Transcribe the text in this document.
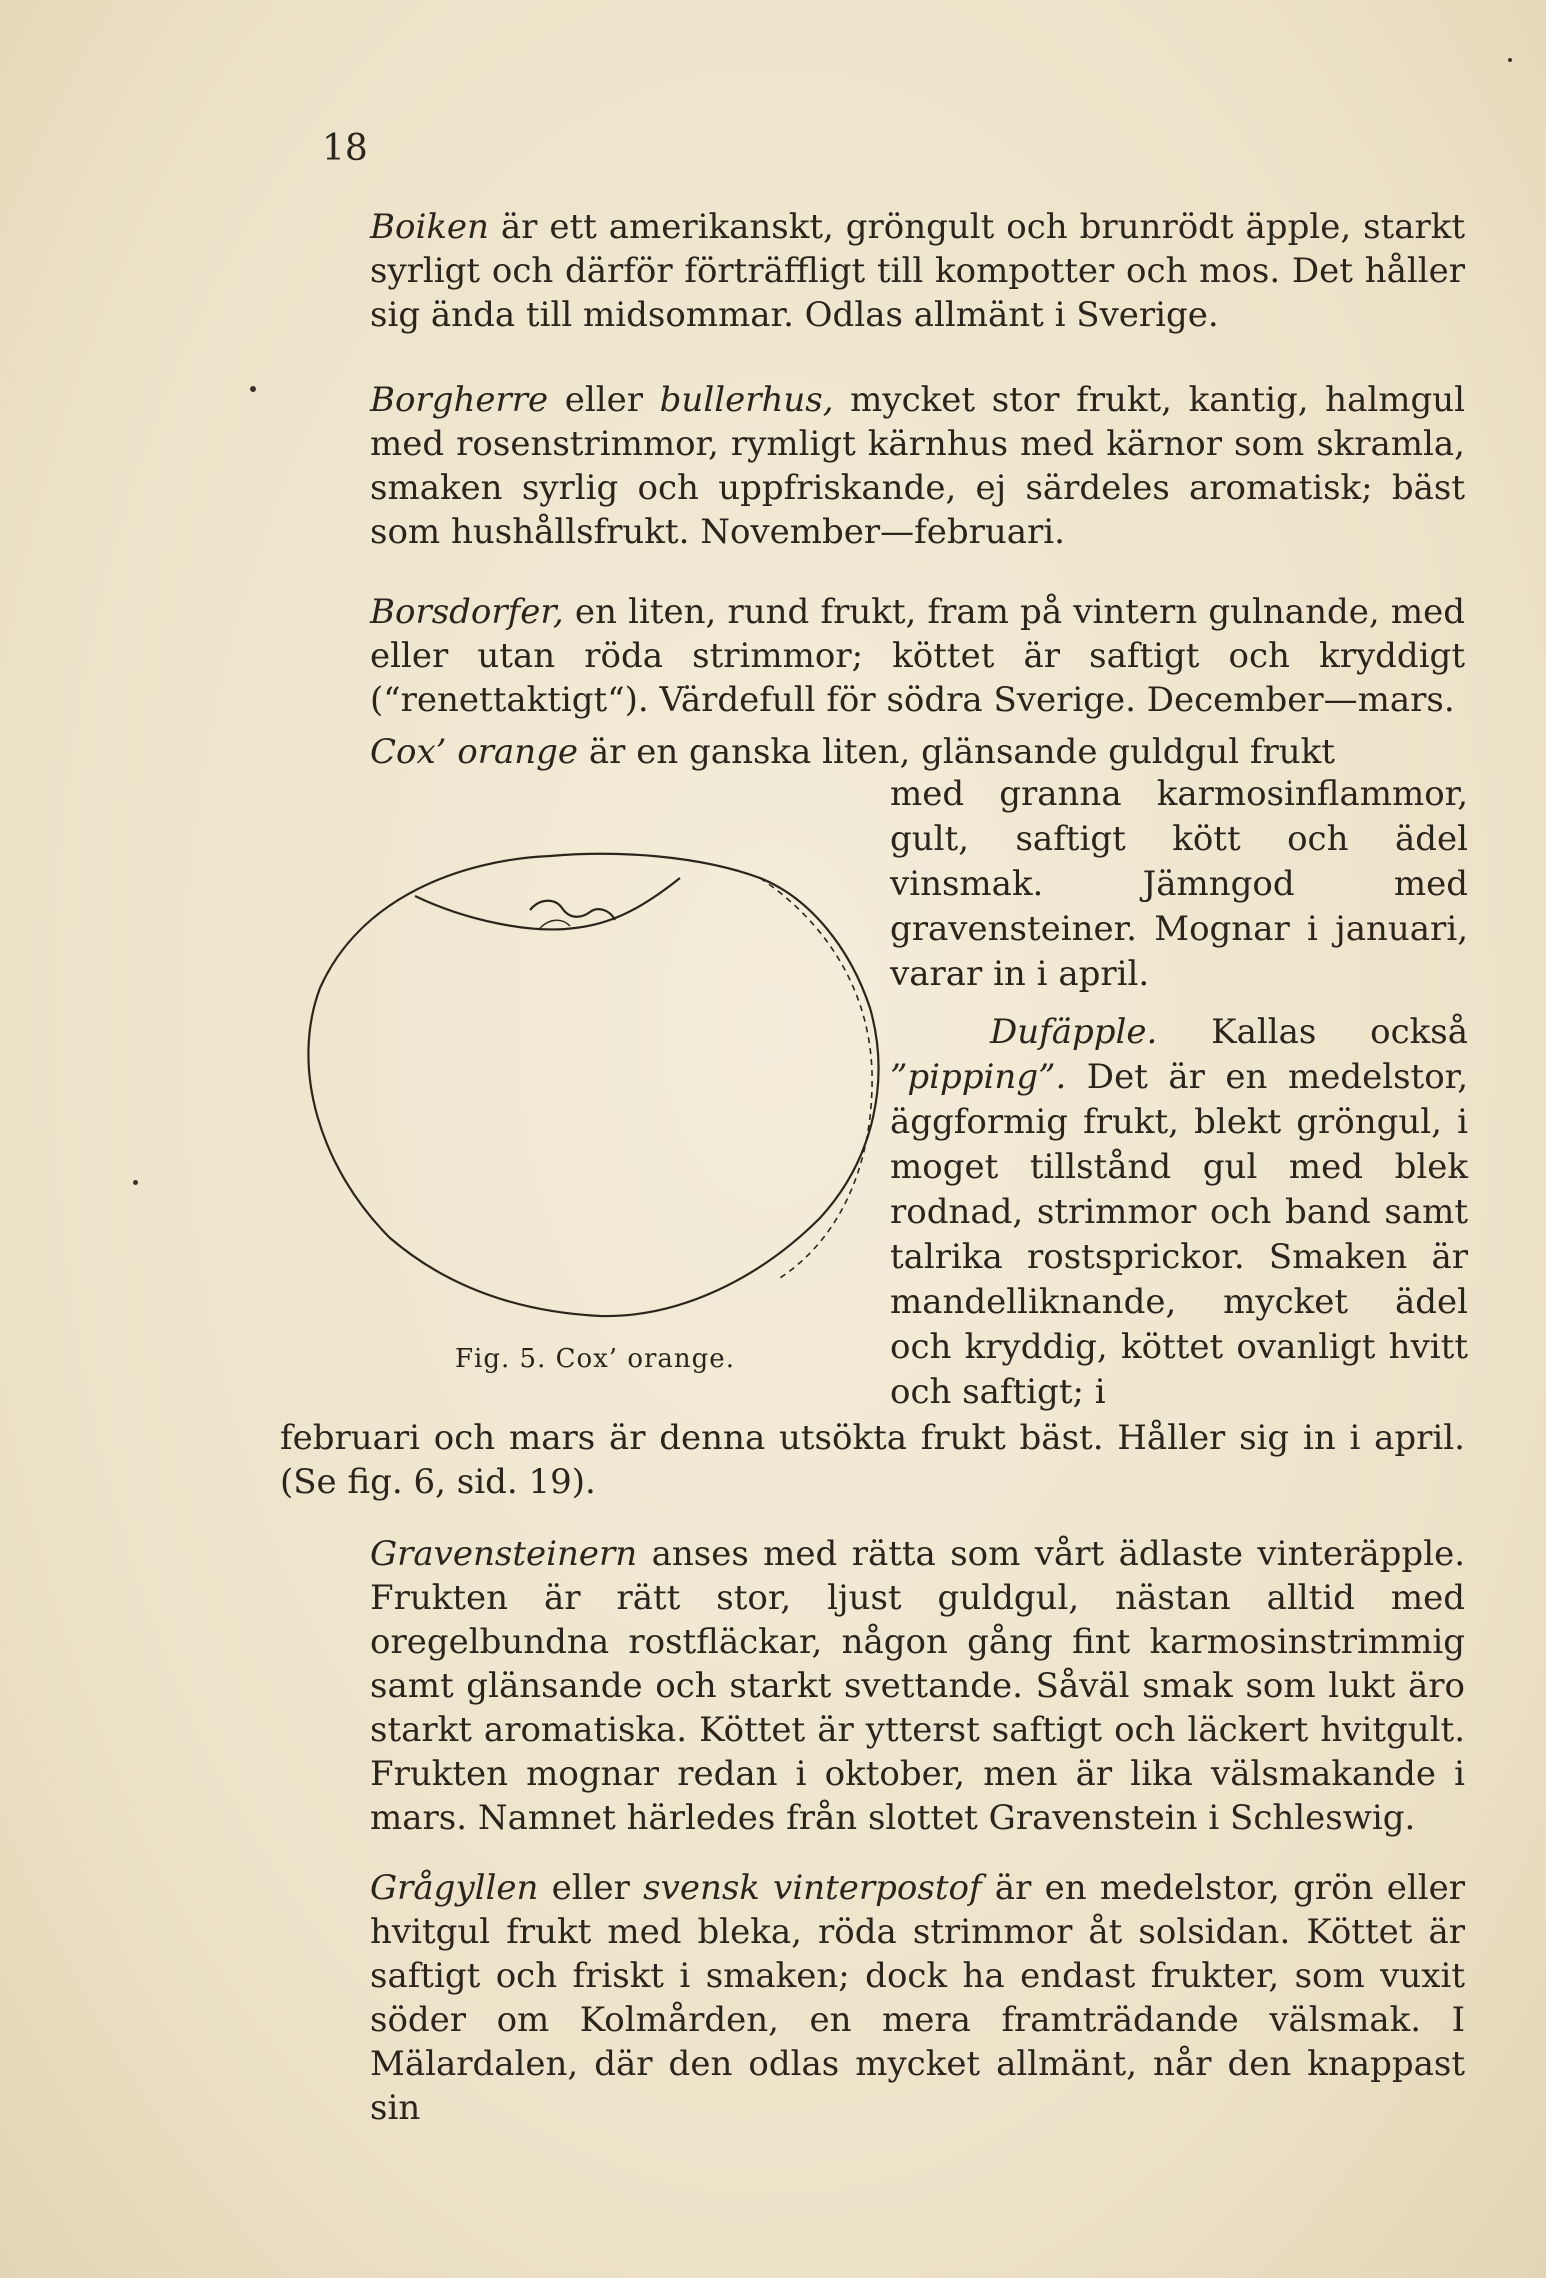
18

Boiken är ett amerikanskt, gröngult och brunrödt äpple, starkt syrligt och därför förträffligt till kompotter och mos. Det håller sig ända till midsommar. Odlas allmänt i Sverige.

Borgherre eller bullerhus, mycket stor frukt, kantig, halmgul med rosenstrimmor, rymligt kärnhus med kärnor som skramla, smaken syrlig och uppfriskande, ej särdeles aromatisk; bäst som hushållsfrukt. November—februari.

Borsdorfer, en liten, rund frukt, fram på vintern gulnande, med eller utan röda strimmor; köttet är saftigt och kryddigt (“renettaktigt“). Värdefull för södra Sverige. December—mars.

Cox’ orange är en ganska liten, glänsande guldgul frukt

med granna karmosinflammor, gult, saftigt kött och ädel vinsmak. Jämngod med gravensteiner. Mognar i januari, varar in i april.
Dufäpple. Kallas också ”pipping”. Det är en medelstor, äggformig frukt, blekt gröngul, i moget tillstånd gul med blek rodnad, strimmor och band samt talrika rostsprickor. Smaken är mandelliknande, mycket ädel och kryddig, köttet ovanligt hvitt och saftigt; i
februari och mars är denna utsökta frukt bäst. Håller sig in i april. (Se fig. 6, sid. 19).

Gravensteinern anses med rätta som vårt ädlaste vinteräpple. Frukten är rätt stor, ljust guldgul, nästan alltid med oregelbundna rostfläckar, någon gång fint karmosinstrimmig samt glänsande och starkt svettande. Såväl smak som lukt äro starkt aromatiska. Köttet är ytterst saftigt och läckert hvitgult. Frukten mognar redan i oktober, men är lika välsmakande i mars. Namnet härledes från slottet Gravenstein i Schleswig.

Grågyllen eller svensk vinterpostof är en medelstor, grön eller hvitgul frukt med bleka, röda strimmor åt solsidan. Köttet är saftigt och friskt i smaken; dock ha endast frukter, som vuxit söder om Kolmården, en mera framträdande välsmak. I Mälardalen, där den odlas mycket allmänt, når den knappast sin

Fig. 5. Cox’ orange.
